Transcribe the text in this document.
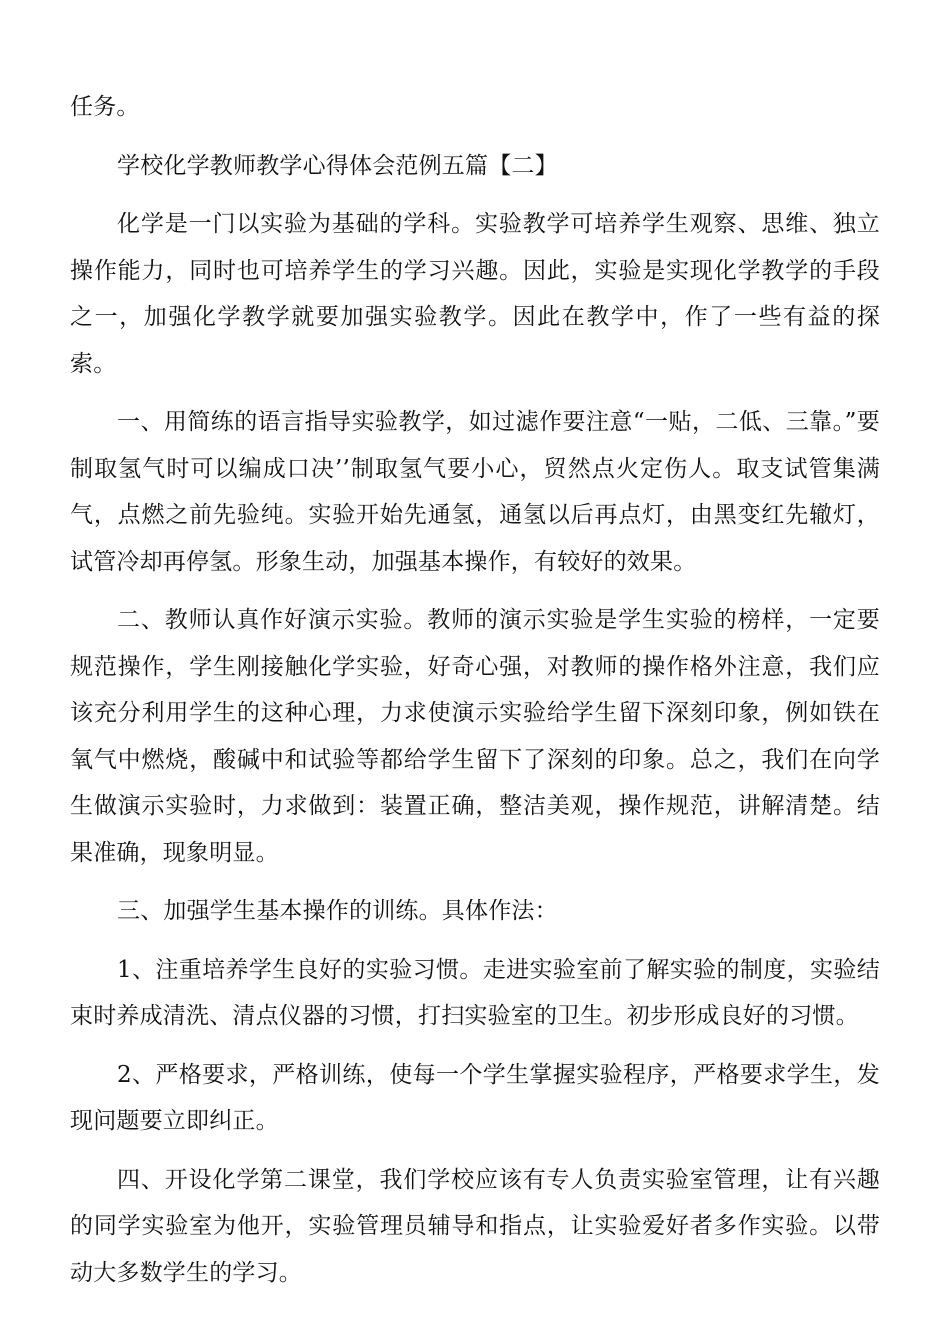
任务。

学校化学教师教学心得体会范例五篇【二】

化学是一门以实验为基础的学科。实验教学可培养学生观察、思维、独立操作能力，同时也可培养学生的学习兴趣。因此，实验是实现化学教学的手段之一，加强化学教学就要加强实验教学。因此在教学中，作了一些有益的探索。

一、用简练的语言指导实验教学，如过滤作要注意“一贴，二低、三靠。”要制取氢气时可以编成口决’’制取氢气要小心，贸然点火定伤人。取支试管集满气，点燃之前先验纯。实验开始先通氢，通氢以后再点灯，由黑变红先辙灯，试管冷却再停氢。形象生动，加强基本操作，有较好的效果。

二、教师认真作好演示实验。教师的演示实验是学生实验的榜样，一定要规范操作，学生刚接触化学实验，好奇心强，对教师的操作格外注意，我们应该充分利用学生的这种心理，力求使演示实验给学生留下深刻印象，例如铁在氧气中燃烧，酸碱中和试验等都给学生留下了深刻的印象。总之，我们在向学生做演示实验时，力求做到：装置正确，整洁美观，操作规范，讲解清楚。结果准确，现象明显。

三、加强学生基本操作的训练。具体作法：

1、注重培养学生良好的实验习惯。走进实验室前了解实验的制度，实验结束时养成清洗、清点仪器的习惯，打扫实验室的卫生。初步形成良好的习惯。

2、严格要求，严格训练，使每一个学生掌握实验程序，严格要求学生，发现问题要立即纠正。

四、开设化学第二课堂，我们学校应该有专人负责实验室管理，让有兴趣的同学实验室为他开，实验管理员辅导和指点，让实验爱好者多作实验。以带动大多数学生的学习。
